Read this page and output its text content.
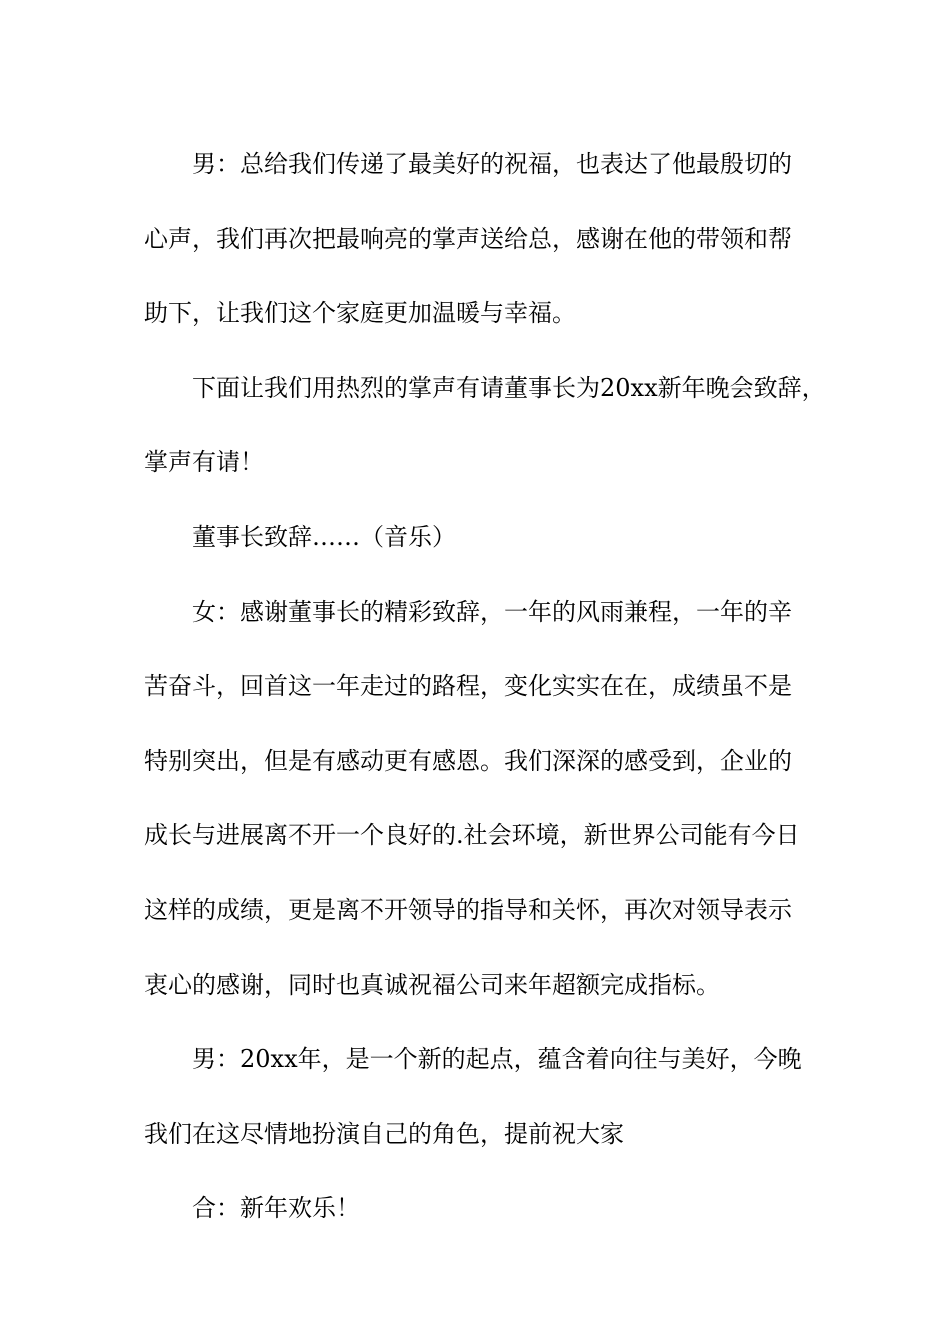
男：总给我们传递了最美好的祝福，也表达了他最殷切的
心声，我们再次把最响亮的掌声送给总，感谢在他的带领和帮
助下，让我们这个家庭更加温暖与幸福。
下面让我们用热烈的掌声有请董事长为20xx新年晚会致辞，
掌声有请！
董事长致辞……（音乐）
女：感谢董事长的精彩致辞，一年的风雨兼程，一年的辛
苦奋斗，回首这一年走过的路程，变化实实在在，成绩虽不是
特别突出，但是有感动更有感恩。我们深深的感受到，企业的
成长与进展离不开一个良好的.社会环境，新世界公司能有今日
这样的成绩，更是离不开领导的指导和关怀，再次对领导表示
衷心的感谢，同时也真诚祝福公司来年超额完成指标。
男：20xx年，是一个新的起点，蕴含着向往与美好，今晚
我们在这尽情地扮演自己的角色，提前祝大家
合：新年欢乐！
